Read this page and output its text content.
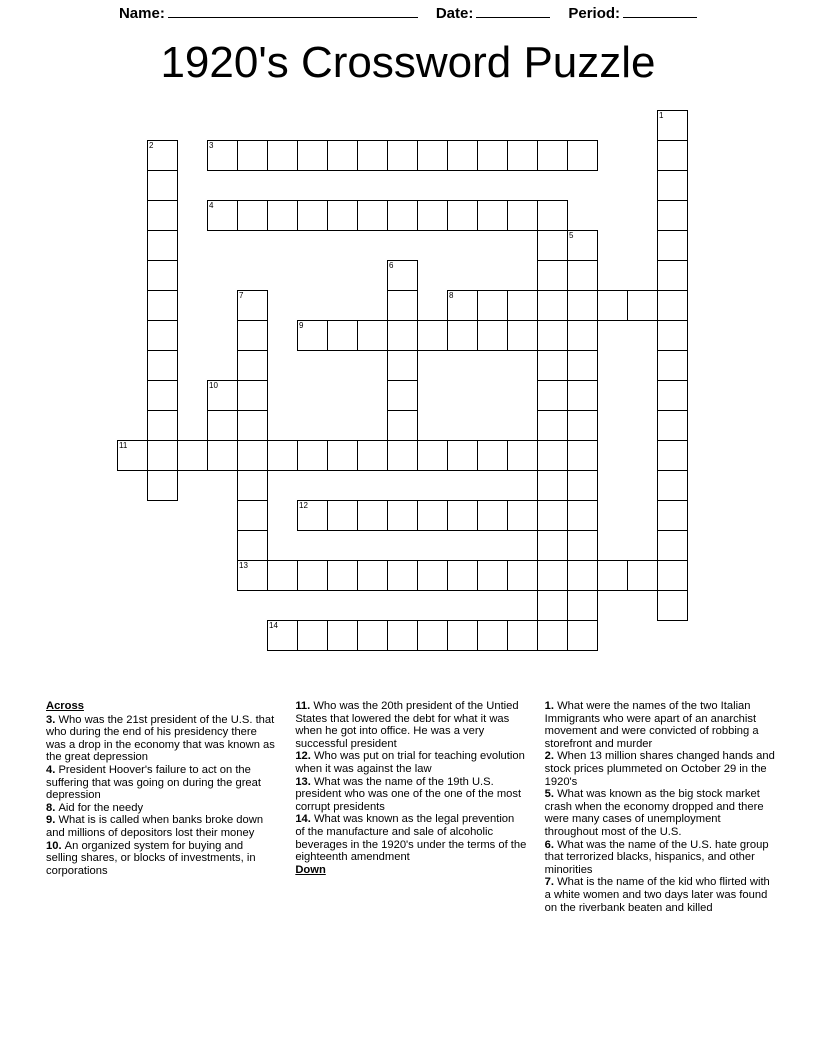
Name:	Date:	Period:
1920's Crossword Puzzle
1
2	3
4
5
6
7	8
9
10
11
12
13
14
Across

3. Who was the 21st president of the U.S. that who during the end of his presidency there was a drop in the economy that was known as the great depression

4. President Hoover's failure to act on the suffering that was going on during the great depression

8. Aid for the needy

9. What is is called when banks broke down and millions of depositors lost their money

10. An organized system for buying and selling shares, or blocks of investments, in corporations

11. Who was the 20th president of the Untied States that lowered the debt for what it was when he got into office. He was a very successful president

12. Who was put on trial for teaching evolution when it was against the law

13. What was the name of the 19th U.S. president who was one of the one of the most corrupt presidents

14. What was known as the legal prevention of the manufacture and sale of alcoholic beverages in the 1920's under the terms of the eighteenth amendment

Down

1. What were the names of the two Italian Immigrants who were apart of an anarchist movement and were convicted of robbing a storefront and murder

2. When 13 million shares changed hands and stock prices plummeted on October 29 in the 1920's

5. What was known as the big stock market crash when the economy dropped and there were many cases of unemployment throughout most of the U.S.

6. What was the name of the U.S. hate group that terrorized blacks, hispanics, and other minorities

7. What is the name of the kid who flirted with a white women and two days later was found on the riverbank beaten and killed
